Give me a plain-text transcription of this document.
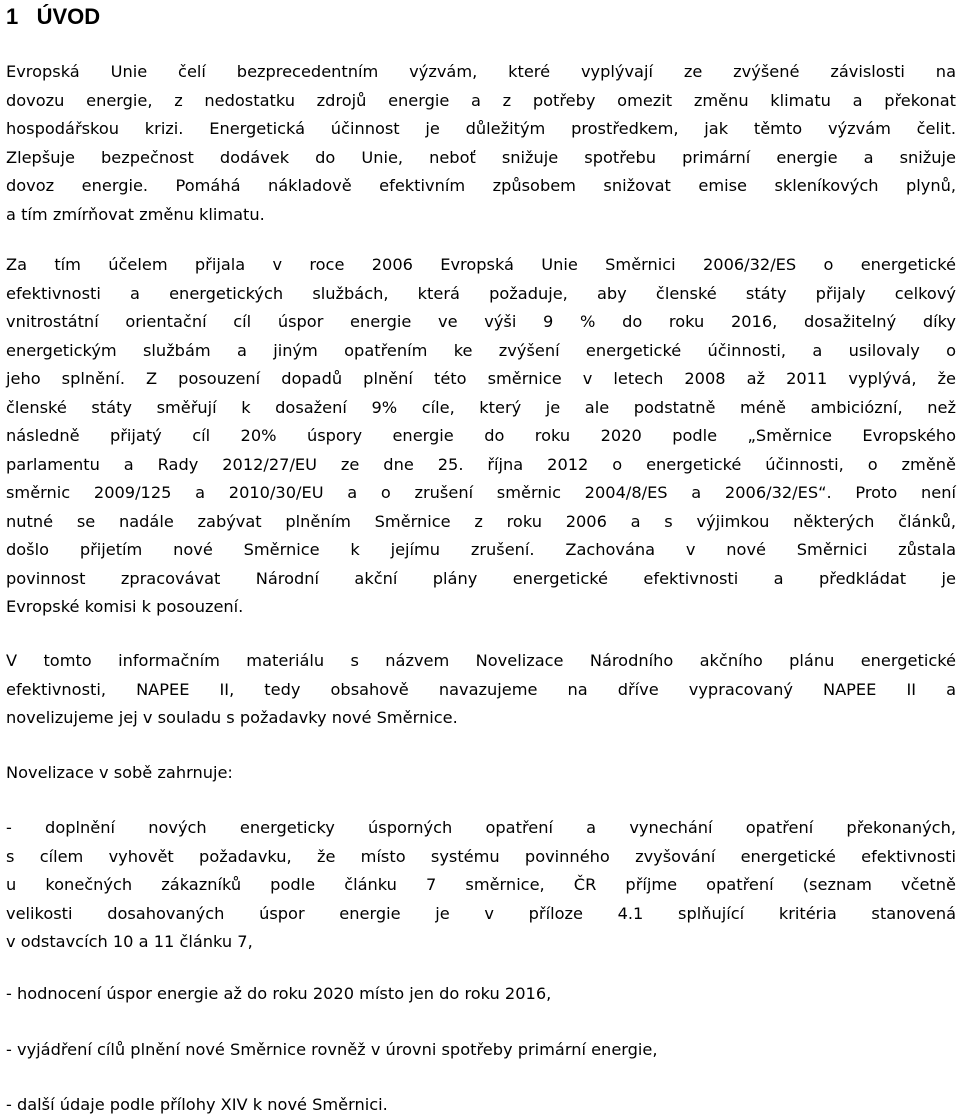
1 ÚVOD
Evropská Unie čelí bezprecedentním výzvám, které vyplývají ze zvýšené závislosti na
dovozu energie, z nedostatku zdrojů energie a z potřeby omezit změnu klimatu a překonat
hospodářskou krizi. Energetická účinnost je důležitým prostředkem, jak těmto výzvám čelit.
Zlepšuje bezpečnost dodávek do Unie, neboť snižuje spotřebu primární energie a snižuje
dovoz energie. Pomáhá nákladově efektivním způsobem snižovat emise skleníkových plynů,
a tím zmírňovat změnu klimatu.
Za tím účelem přijala v roce 2006 Evropská Unie Směrnici 2006/32/ES o energetické
efektivnosti a energetických službách, která požaduje, aby členské státy přijaly celkový
vnitrostátní orientační cíl úspor energie ve výši 9 % do roku 2016, dosažitelný díky
energetickým službám a jiným opatřením ke zvýšení energetické účinnosti, a usilovaly o
jeho splnění. Z posouzení dopadů plnění této směrnice v letech 2008 až 2011 vyplývá, že
členské státy směřují k dosažení 9% cíle, který je ale podstatně méně ambiciózní, než
následně přijatý cíl 20% úspory energie do roku 2020 podle „Směrnice Evropského
parlamentu a Rady 2012/27/EU ze dne 25. října 2012 o energetické účinnosti, o změně
směrnic 2009/125 a 2010/30/EU a o zrušení směrnic 2004/8/ES a 2006/32/ES“. Proto není
nutné se nadále zabývat plněním Směrnice z roku 2006 a s výjimkou některých článků,
došlo přijetím nové Směrnice k jejímu zrušení. Zachována v nové Směrnici zůstala
povinnost zpracovávat Národní akční plány energetické efektivnosti a předkládat je
Evropské komisi k posouzení.
V tomto informačním materiálu s názvem Novelizace Národního akčního plánu energetické
efektivnosti, NAPEE II, tedy obsahově navazujeme na dříve vypracovaný NAPEE II a
novelizujeme jej v souladu s požadavky nové Směrnice.
Novelizace v sobě zahrnuje:
- doplnění nových energeticky úsporných opatření a vynechání opatření překonaných,
s cílem vyhovět požadavku, že místo systému povinného zvyšování energetické efektivnosti
u konečných zákazníků podle článku 7 směrnice, ČR příjme opatření (seznam včetně
velikosti dosahovaných úspor energie je v příloze 4.1 splňující kritéria stanovená
v odstavcích 10 a 11 článku 7,
- hodnocení úspor energie až do roku 2020 místo jen do roku 2016,
- vyjádření cílů plnění nové Směrnice rovněž v úrovni spotřeby primární energie,
- další údaje podle přílohy XIV k nové Směrnici.
